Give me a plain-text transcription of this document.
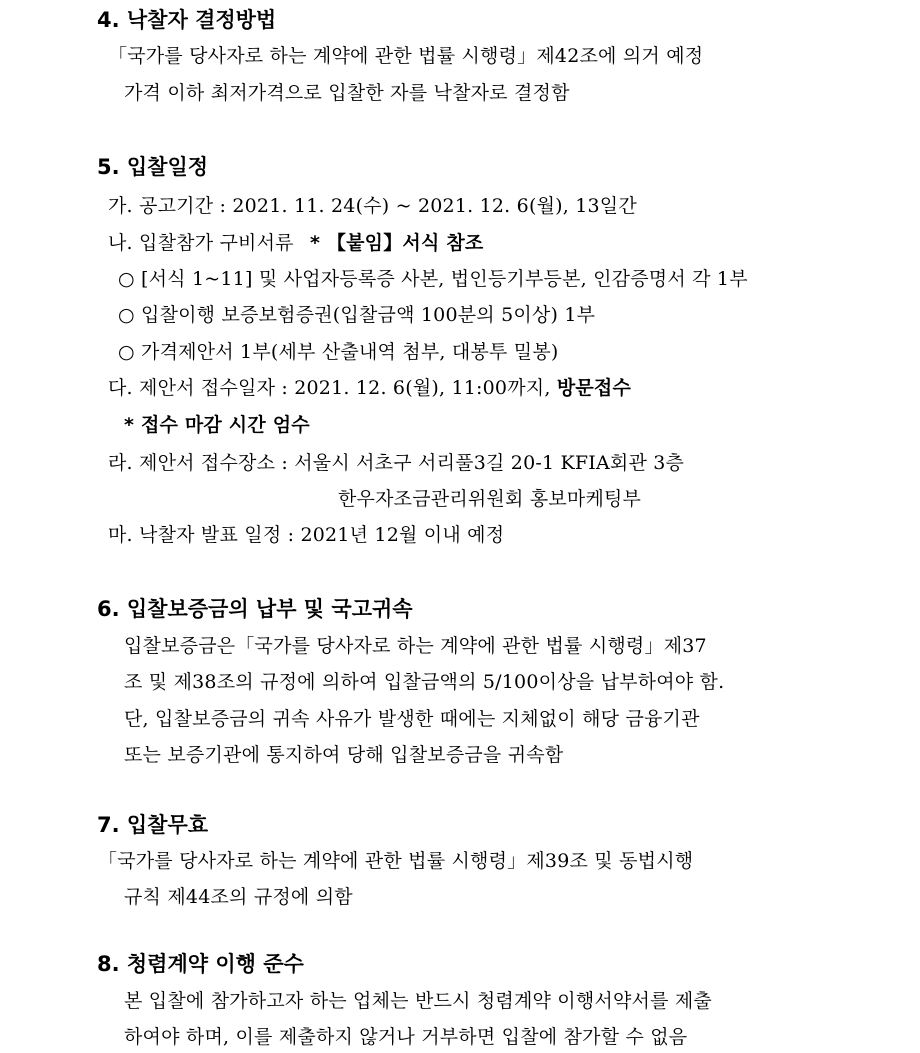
4. 낙찰자 결정방법
「국가를 당사자로 하는 계약에 관한 법률 시행령」제42조에 의거 예정
가격 이하 최저가격으로 입찰한 자를 낙찰자로 결정함
5. 입찰일정
가. 공고기간 : 2021. 11. 24(수) ~ 2021. 12. 6(월), 13일간
나. 입찰참가 구비서류 * 【붙임】서식 참조
○ [서식 1~11] 및 사업자등록증 사본, 법인등기부등본, 인감증명서 각 1부
○ 입찰이행 보증보험증권(입찰금액 100분의 5이상) 1부
○ 가격제안서 1부(세부 산출내역 첨부, 대봉투 밀봉)
다. 제안서 접수일자 : 2021. 12. 6(월), 11:00까지, 방문접수
* 접수 마감 시간 엄수
라. 제안서 접수장소 : 서울시 서초구 서리풀3길 20-1 KFIA회관 3층
한우자조금관리위원회 홍보마케팅부
마. 낙찰자 발표 일정 : 2021년 12월 이내 예정
6. 입찰보증금의 납부 및 국고귀속
입찰보증금은「국가를 당사자로 하는 계약에 관한 법률 시행령」제37
조 및 제38조의 규정에 의하여 입찰금액의 5/100이상을 납부하여야 함.
단, 입찰보증금의 귀속 사유가 발생한 때에는 지체없이 해당 금융기관
또는 보증기관에 통지하여 당해 입찰보증금을 귀속함
7. 입찰무효
「국가를 당사자로 하는 계약에 관한 법률 시행령」제39조 및 동법시행
규칙 제44조의 규정에 의함
8. 청렴계약 이행 준수
본 입찰에 참가하고자 하는 업체는 반드시 청렴계약 이행서약서를 제출
하여야 하며, 이를 제출하지 않거나 거부하면 입찰에 참가할 수 없음
